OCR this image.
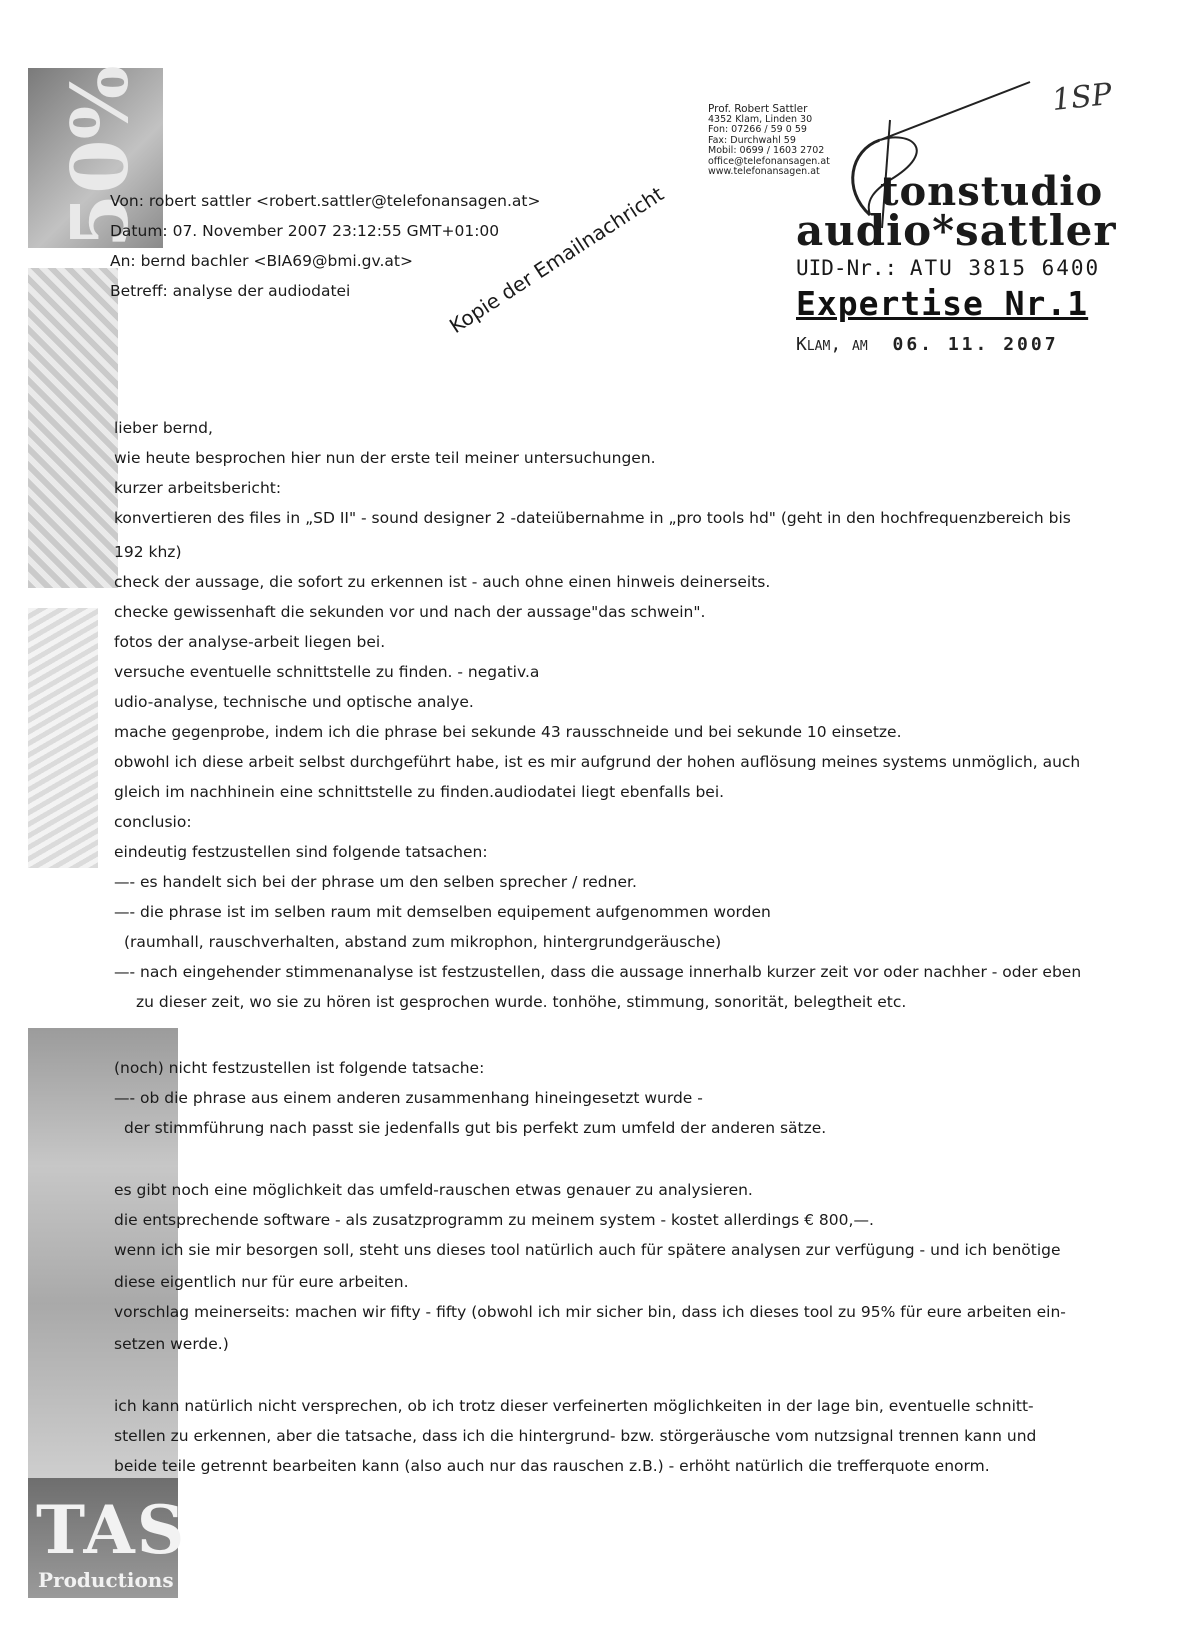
50%
TAS
Productions
Prof. Robert Sattler
4352 Klam, Linden 30
Fon: 07266 / 59 0 59
Fax: Durchwahl 59
Mobil: 0699 / 1603 2702
office@telefonansagen.at
www.telefonansagen.at
1SP
tonstudio
audio*sattler
UID-Nr.: ATU 3815 6400
Expertise Nr.1
Klam, am 06. 11. 2007
Von: robert sattler <robert.sattler@telefonansagen.at>
Datum: 07. November 2007 23:12:55 GMT+01:00
An: bernd bachler <BIA69@bmi.gv.at>
Betreff: analyse der audiodatei	Kopie der Emailnachricht
lieber bernd,
wie heute besprochen hier nun der erste teil meiner untersuchungen.
kurzer arbeitsbericht:
konvertieren des files in „SD II" - sound designer 2 -dateiübernahme in „pro tools hd" (geht in den hochfrequenzbereich bis
192 khz)
check der aussage, die sofort zu erkennen ist - auch ohne einen hinweis deinerseits.
checke gewissenhaft die sekunden vor und nach der aussage"das schwein".
fotos der analyse-arbeit liegen bei.
versuche eventuelle schnittstelle zu finden. - negativ.a
udio-analyse, technische und optische analye.
mache gegenprobe, indem ich die phrase bei sekunde 43 rausschneide und bei sekunde 10 einsetze.
obwohl ich diese arbeit selbst durchgeführt habe, ist es mir aufgrund der hohen auflösung meines systems unmöglich, auch
gleich im nachhinein eine schnittstelle zu finden.audiodatei liegt ebenfalls bei.
conclusio:
eindeutig festzustellen sind folgende tatsachen:
—- es handelt sich bei der phrase um den selben sprecher / redner.
—- die phrase ist im selben raum mit demselben equipement aufgenommen worden
(raumhall, rauschverhalten, abstand zum mikrophon, hintergrundgeräusche)
—- nach eingehender stimmenanalyse ist festzustellen, dass die aussage innerhalb kurzer zeit vor oder nachher - oder eben
zu dieser zeit, wo sie zu hören ist gesprochen wurde. tonhöhe, stimmung, sonorität, belegtheit etc.
(noch) nicht festzustellen ist folgende tatsache:
—- ob die phrase aus einem anderen zusammenhang hineingesetzt wurde -
der stimmführung nach passt sie jedenfalls gut bis perfekt zum umfeld der anderen sätze.
es gibt noch eine möglichkeit das umfeld-rauschen etwas genauer zu analysieren.
die entsprechende software - als zusatzprogramm zu meinem system - kostet allerdings € 800,—.
wenn ich sie mir besorgen soll, steht uns dieses tool natürlich auch für spätere analysen zur verfügung - und ich benötige
diese eigentlich nur für eure arbeiten.
vorschlag meinerseits: machen wir fifty - fifty (obwohl ich mir sicher bin, dass ich dieses tool zu 95% für eure arbeiten ein-
setzen werde.)
ich kann natürlich nicht versprechen, ob ich trotz dieser verfeinerten möglichkeiten in der lage bin, eventuelle schnitt-
stellen zu erkennen, aber die tatsache, dass ich die hintergrund- bzw. störgeräusche vom nutzsignal trennen kann und
beide teile getrennt bearbeiten kann (also auch nur das rauschen z.B.) - erhöht natürlich die trefferquote enorm.
